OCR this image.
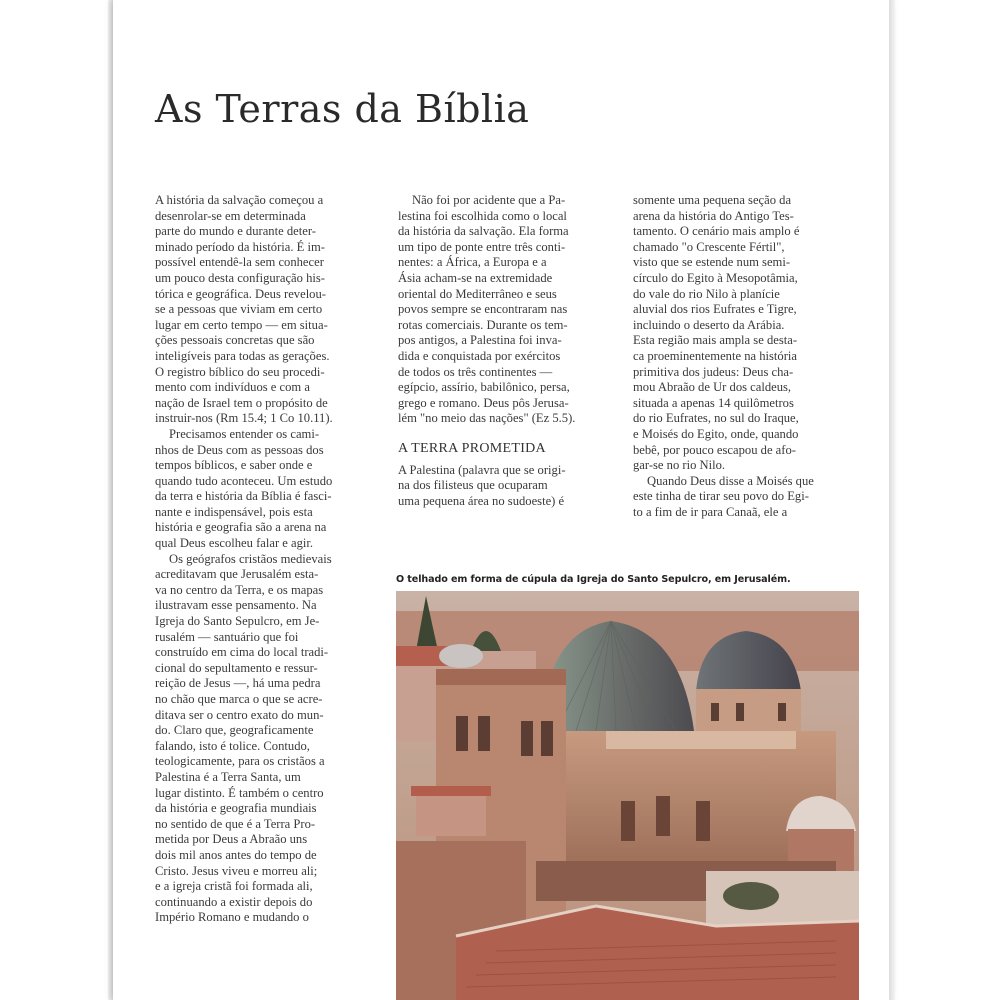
As Terras da Bíblia
A história da salvação começou a
desenrolar-se em determinada
parte do mundo e durante deter-
minado período da história. É im-
possível entendê-la sem conhecer
um pouco desta configuração his-
tórica e geográfica. Deus revelou-
se a pessoas que viviam em certo
lugar em certo tempo — em situa-
ções pessoais concretas que são
inteligíveis para todas as gerações.
O registro bíblico do seu procedi-
mento com indivíduos e com a
nação de Israel tem o propósito de
instruir-nos (Rm 15.4; 1 Co 10.11).
Precisamos entender os cami-
nhos de Deus com as pessoas dos
tempos bíblicos, e saber onde e
quando tudo aconteceu. Um estudo
da terra e história da Bíblia é fasci-
nante e indispensável, pois esta
história e geografia são a arena na
qual Deus escolheu falar e agir.
Os geógrafos cristãos medievais
acreditavam que Jerusalém esta-
va no centro da Terra, e os mapas
ilustravam esse pensamento. Na
Igreja do Santo Sepulcro, em Je-
rusalém — santuário que foi
construído em cima do local tradi-
cional do sepultamento e ressur-
reição de Jesus —, há uma pedra
no chão que marca o que se acre-
ditava ser o centro exato do mun-
do. Claro que, geograficamente
falando, isto é tolice. Contudo,
teologicamente, para os cristãos a
Palestina é a Terra Santa, um
lugar distinto. É também o centro
da história e geografia mundiais
no sentido de que é a Terra Pro-
metida por Deus a Abraão uns
dois mil anos antes do tempo de
Cristo. Jesus viveu e morreu ali;
e a igreja cristã foi formada ali,
continuando a existir depois do
Império Romano e mudando o
Não foi por acidente que a Pa-
lestina foi escolhida como o local
da história da salvação. Ela forma
um tipo de ponte entre três conti-
nentes: a África, a Europa e a
Ásia acham-se na extremidade
oriental do Mediterrâneo e seus
povos sempre se encontraram nas
rotas comerciais. Durante os tem-
pos antigos, a Palestina foi inva-
dida e conquistada por exércitos
de todos os três continentes —
egípcio, assírio, babilônico, persa,
grego e romano. Deus pôs Jerusa-
lém "no meio das nações" (Ez 5.5).
A TERRA PROMETIDA
A Palestina (palavra que se origi-
na dos filisteus que ocuparam
uma pequena área no sudoeste) é
somente uma pequena seção da
arena da história do Antigo Tes-
tamento. O cenário mais amplo é
chamado "o Crescente Fértil",
visto que se estende num semi-
círculo do Egito à Mesopotâmia,
do vale do rio Nilo à planície
aluvial dos rios Eufrates e Tigre,
incluindo o deserto da Arábia.
Esta região mais ampla se desta-
ca proeminentemente na história
primitiva dos judeus: Deus cha-
mou Abraão de Ur dos caldeus,
situada a apenas 14 quilômetros
do rio Eufrates, no sul do Iraque,
e Moisés do Egito, onde, quando
bebê, por pouco escapou de afo-
gar-se no rio Nilo.
Quando Deus disse a Moisés que
este tinha de tirar seu povo do Egi-
to a fim de ir para Canaã, ele a
O telhado em forma de cúpula da Igreja do Santo Sepulcro, em Jerusalém.
